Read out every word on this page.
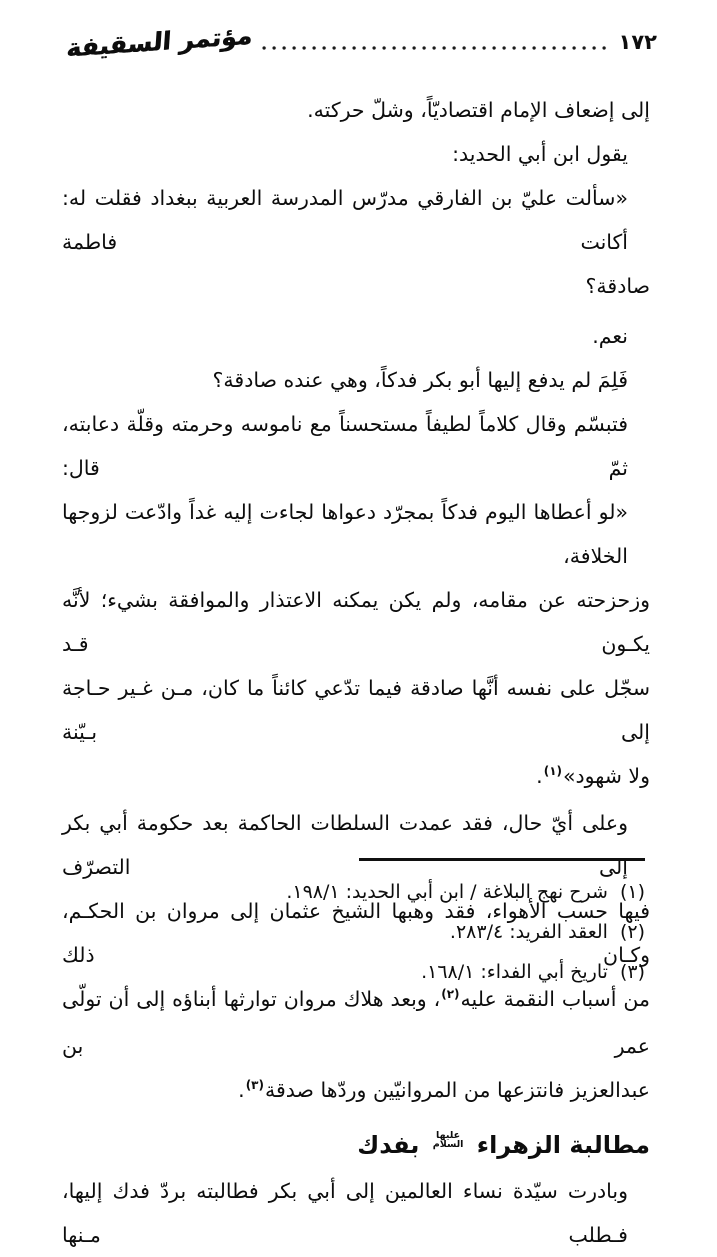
١٧٢
مؤتمر السقيفة
إلى إضعاف الإمام اقتصاديّاً، وشلّ حركته.
يقول ابن أبي الحديد:
«سألت عليّ بن الفارقي مدرّس المدرسة العربية ببغداد فقلت له: أكانت فاطمة
صادقة؟
نعم.
فَلِمَ لم يدفع إليها أبو بكر فدكاً، وهي عنده صادقة؟
فتبسّم وقال كلاماً لطيفاً مستحسناً مع ناموسه وحرمته وقلّة دعابته، ثمّ قال:
«لو أعطاها اليوم فدكاً بمجرّد دعواها لجاءت إليه غداً وادّعت لزوجها الخلافة،
وزحزحته عن مقامه، ولم يكن يمكنه الاعتذار والموافقة بشيء؛ لأنَّه يكـون قـد
سجّل على نفسه أنَّها صادقة فيما تدّعي كائناً ما كان، مـن غـير حـاجة إلى بـيّنة
ولا شهود»$^{(١)}$.
وعلى أيّ حال، فقد عمدت السلطات الحاكمة بعد حكومة أبي بكر إلى التصرّف
فيها حسب الأهواء، فقد وهبها الشيخ عثمان إلى مروان بن الحكـم، وكـان ذلك
من أسباب النقمة عليه$^{(٢)}$، وبعد هلاك مروان توارثها أبناؤه إلى أن تولّى عمر بن
عبدالعزيز فانتزعها من المروانيّين وردّها صدقة$^{(٣)}$.
مطالبة الزهراء
عليها
السلام
بفدك
وبادرت سيّدة نساء العالمين إلى أبي بكر فطالبته بردّ فدك إليها، فـطلب مـنها
(١)شرح نهج البلاغة / ابن أبي الحديد: ١٩٨/١.
(٢)العقد الفريد: ٢٨٣/٤.
(٣)تاريخ أبي الفداء: ١٦٨/١.
